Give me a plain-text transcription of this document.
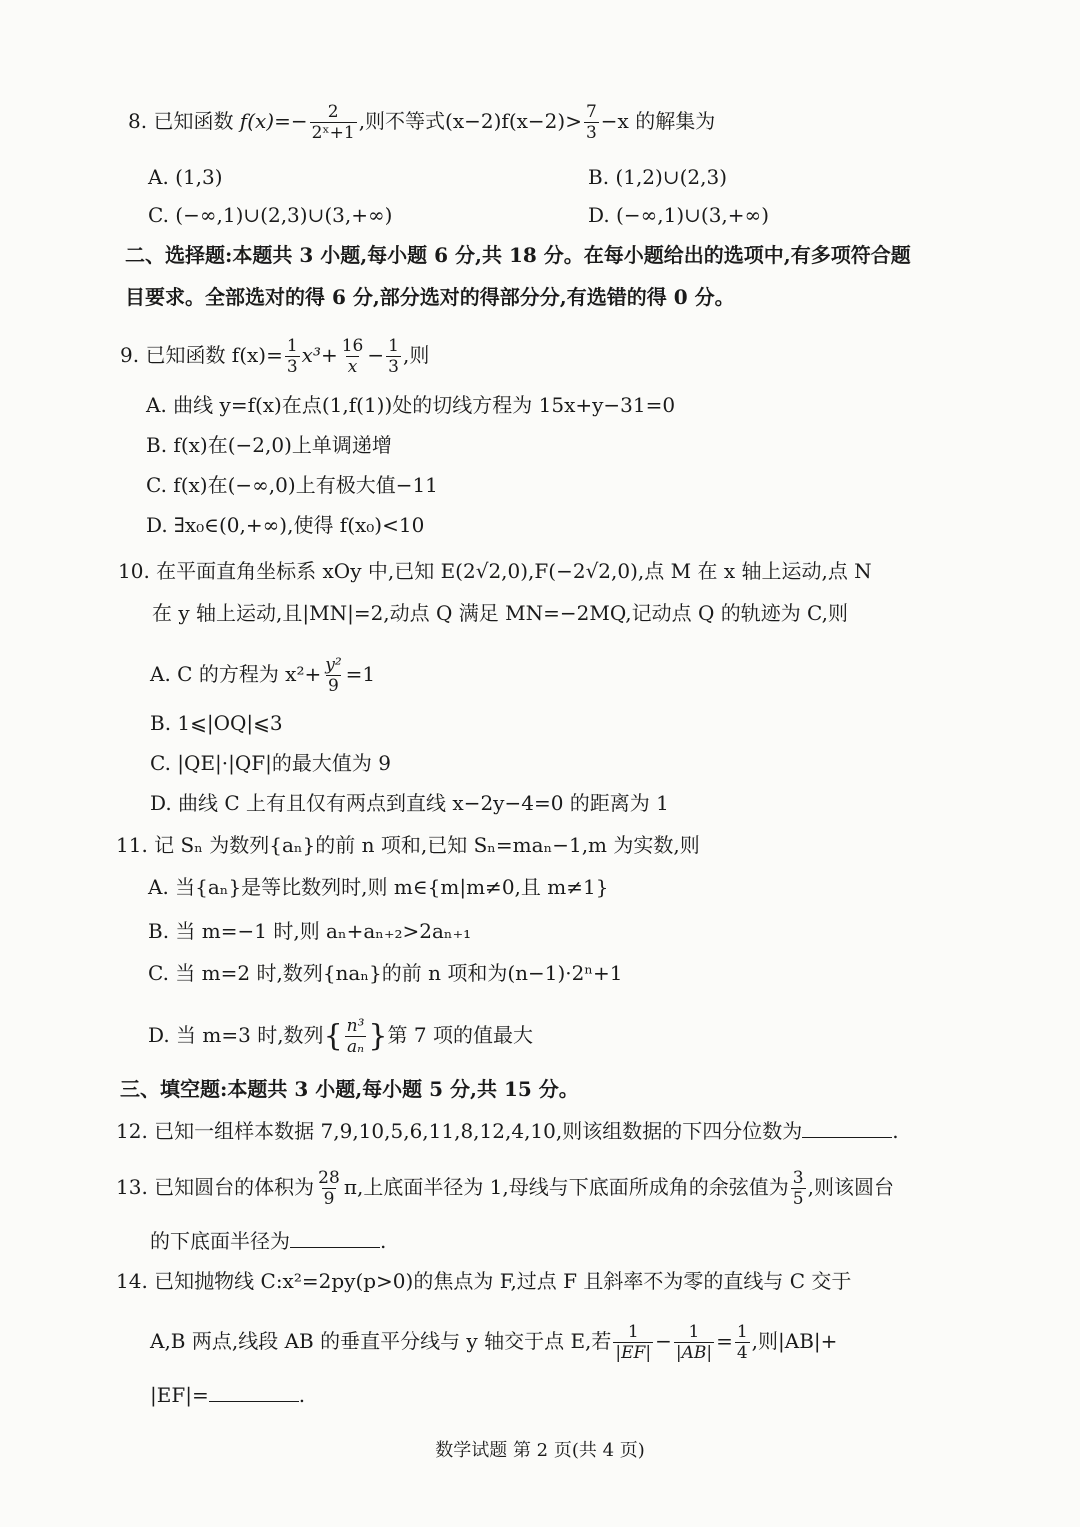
8. 已知函数 $f(x)=- \frac{2}{\text{2ˣ+1}}$ ,则不等式$(x-2)f(x-2)> \frac{7}{3} -x$ 的解集为
A. (1,3)	B. (1,2)∪(2,3)
C. (−∞,1)∪(2,3)∪(3,+∞)	D. (−∞,1)∪(3,+∞)
二、选择题:本题共 3 小题,每小题 6 分,共 18 分。在每小题给出的选项中,有多项符合题
目要求。全部选对的得 6 分,部分选对的得部分分,有选错的得 0 分。
9. 已知函数 $f(x)= \frac{1}{3} x^3+ \frac{16}{x} - \frac{1}{3}$ ,则
A. 曲线 y=f(x)在点(1,f(1))处的切线方程为 15x+y−31=0
B. f(x)在(−2,0)上单调递增
C. f(x)在(−∞,0)上有极大值−11
D. ∃x₀∈(0,+∞),使得 f(x₀)<10
10. 在平面直角坐标系 xOy 中,已知 E(2√2,0),F(−2√2,0),点 M 在 x 轴上运动,点 N
在 y 轴上运动,且|MN|=2,动点 Q 满足 MN=−2MQ,记动点 Q 的轨迹为 C,则
A. C 的方程为 $x^2+ \frac{\text{y²}}{9} =1$
B. 1⩽|OQ|⩽3
C. |QE|·|QF|的最大值为 9
D. 曲线 C 上有且仅有两点到直线 x−2y−4=0 的距离为 1
11. 记 Sₙ 为数列{aₙ}的前 n 项和,已知 Sₙ=maₙ−1,m 为实数,则
A. 当{aₙ}是等比数列时,则 m∈{m|m≠0,且 m≠1}
B. 当 m=−1 时,则 aₙ+aₙ₊₂>2aₙ₊₁
C. 当 m=2 时,数列{naₙ}的前 n 项和为(n−1)·2ⁿ+1
D. 当 m=3 时,数列{ $\frac{\text{n³}}{\text{aₙ}}$ }第 7 项的值最大
三、填空题:本题共 3 小题,每小题 5 分,共 15 分。
12. 已知一组样本数据 7,9,10,5,6,11,8,12,4,10,则该组数据的下四分位数为	.
13. 已知圆台的体积为 $\frac{28}{9} \pi$,上底面半径为 1,母线与下底面所成角的余弦值为 $\frac{3}{5}$ ,则该圆台
的下底面半径为	.
14. 已知抛物线 C:x²=2py(p>0)的焦点为 F,过点 F 且斜率不为零的直线与 C 交于
A,B 两点,线段 AB 的垂直平分线与 y 轴交于点 E,若 $\frac{1}{|EF|} - \frac{1}{|AB|} = \frac{1}{4}$ ,则|AB|+
|EF|=	.
数学试题 第 2 页(共 4 页)
